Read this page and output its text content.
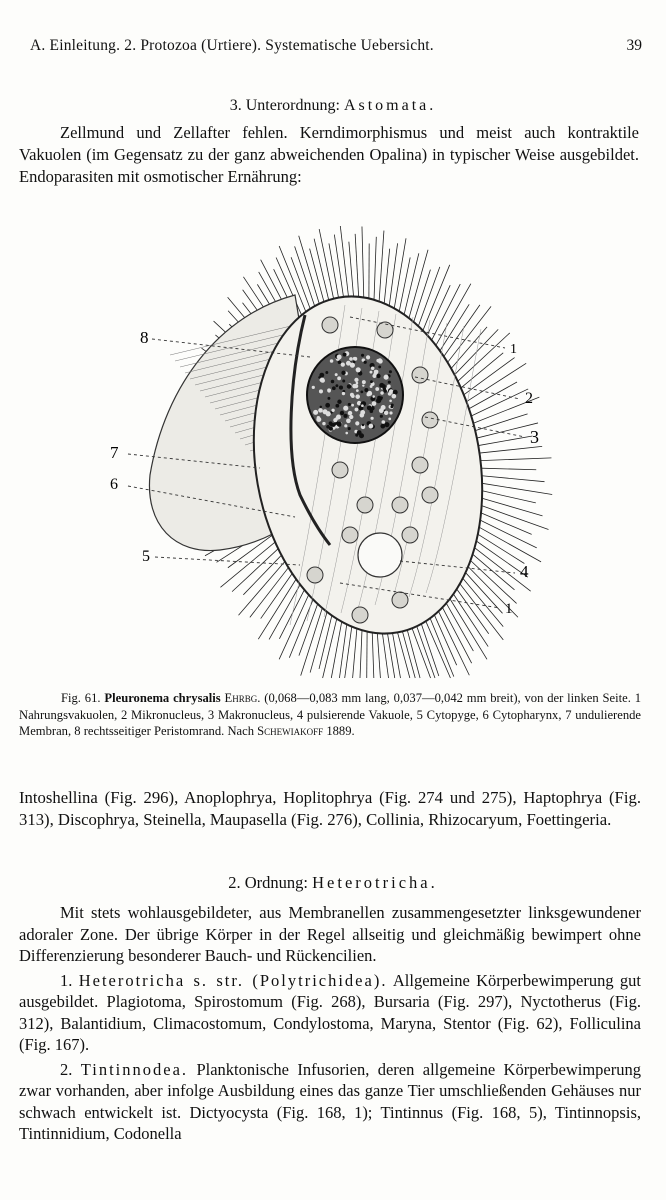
A. Einleitung. 2. Protozoa (Urtiere). Systematische Uebersicht.	39
3. Unterordnung: Astomata.

Zellmund und Zellafter fehlen. Kerndimorphismus und meist auch kontraktile Vakuolen (im Gegensatz zu der ganz abweichenden Opalina) in typischer Weise ausgebildet. Endoparasiten mit osmotischer Ernährung:

8
1
2
3
7
6
5
4
1

Fig. 61. Pleuronema chrysalis Ehrbg. (0,068—0,083 mm lang, 0,037—0,042 mm breit), von der linken Seite. 1 Nahrungsvakuolen, 2 Mikronucleus, 3 Makronucleus, 4 pulsierende Vakuole, 5 Cytopyge, 6 Cytopharynx, 7 undulierende Membran, 8 rechtsseitiger Peristomrand. Nach Schewiakoff 1889.

Intoshellina (Fig. 296), Anoplophrya, Hoplitophrya (Fig. 274 und 275), Haptophrya (Fig. 313), Discophrya, Steinella, Maupasella (Fig. 276), Collinia, Rhizocaryum, Foettingeria.

2. Ordnung: Heterotricha.

Mit stets wohlausgebildeter, aus Membranellen zusammengesetzter linksgewundener adoraler Zone. Der übrige Körper in der Regel allseitig und gleichmäßig bewimpert ohne Differenzierung besonderer Bauch- und Rückencilien.

1. Heterotricha s. str. (Polytrichidea). Allgemeine Körperbewimperung gut ausgebildet. Plagiotoma, Spirostomum (Fig. 268), Bursaria (Fig. 297), Nyctotherus (Fig. 312), Balantidium, Climacostomum, Condylostoma, Maryna, Stentor (Fig. 62), Folliculina (Fig. 167).

2. Tintinnodea. Planktonische Infusorien, deren allgemeine Körperbewimperung zwar vorhanden, aber infolge Ausbildung eines das ganze Tier umschließenden Gehäuses nur schwach entwickelt ist. Dictyocysta (Fig. 168, 1); Tintinnus (Fig. 168, 5), Tintinnopsis, Tintinnidium, Codonella
